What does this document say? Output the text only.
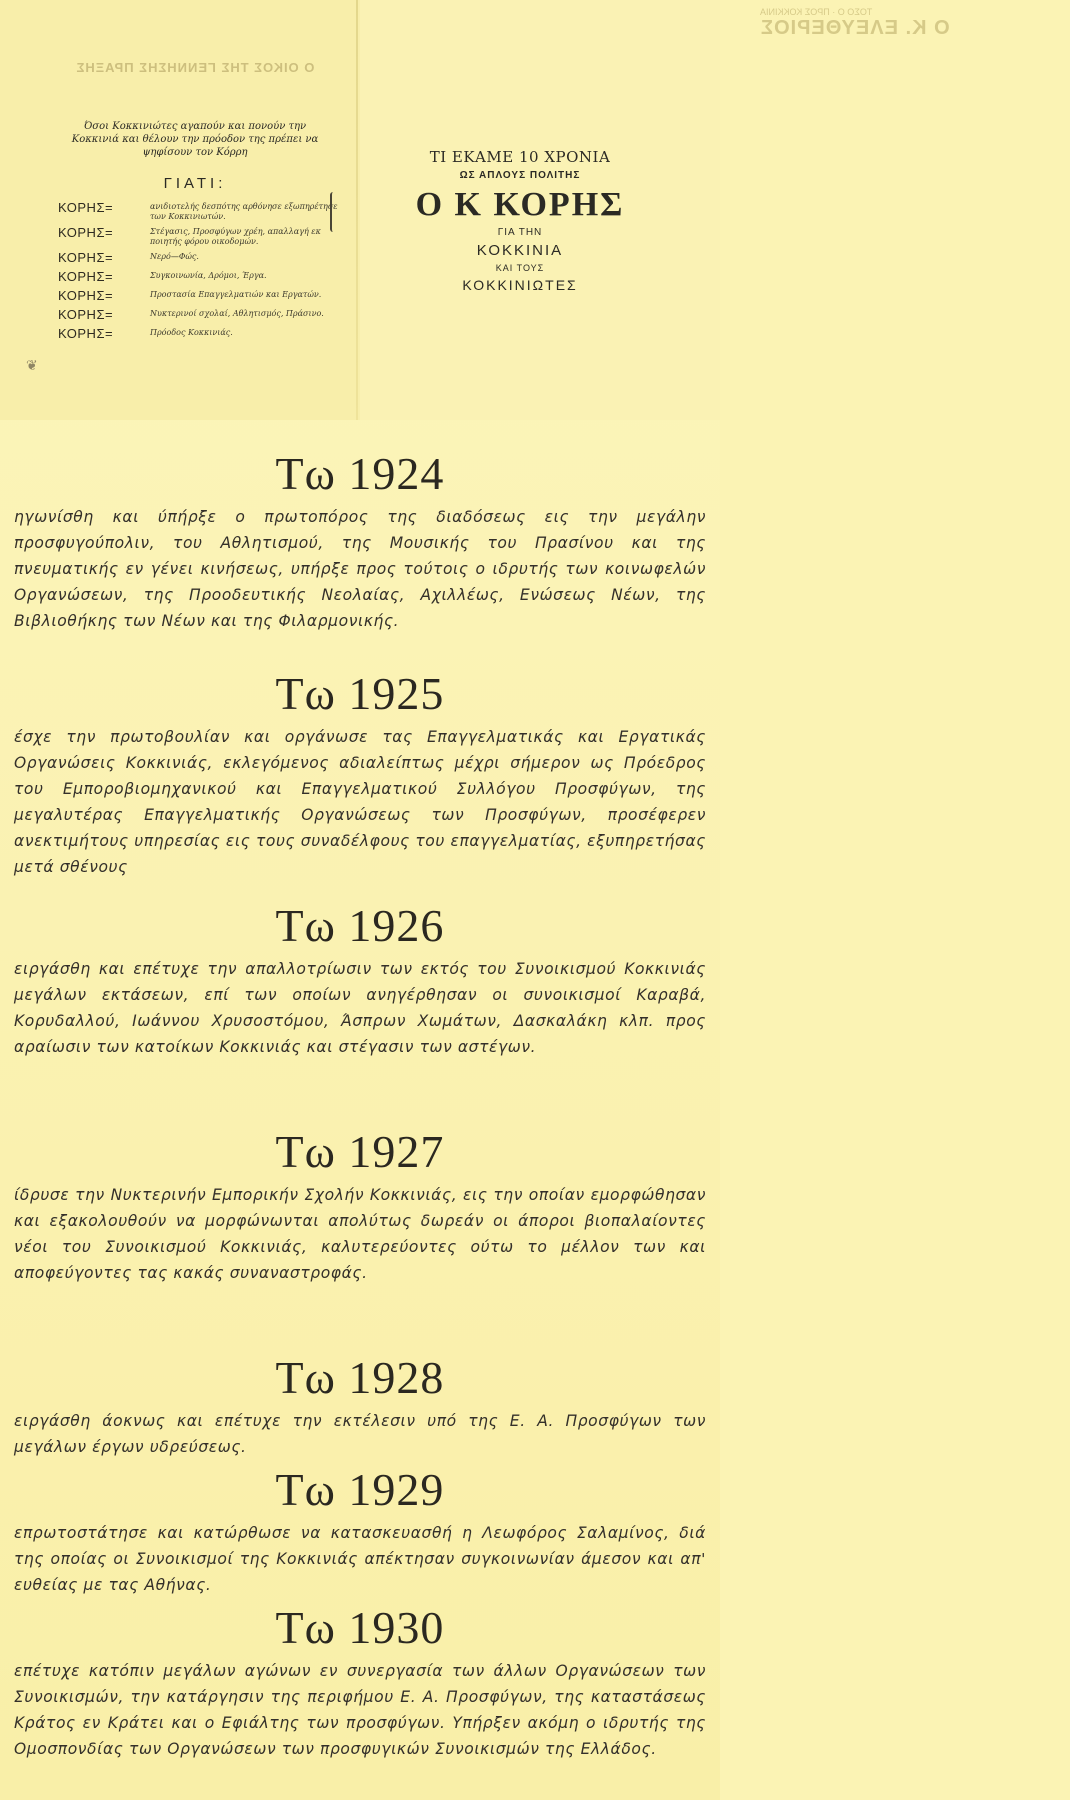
Ο ΟΙΚΟΣ ΤΗΣ ΓΕΝΝΗΣΗΣ ΠΡΑΞΗΣ
Όσοι Κοκκινιώτες αγαπούν και πονούν την Κοκκινιά και θέλουν την πρόοδον της πρέπει να ψηφίσουν τον Κόρρη
ΓΙΑΤΙ:
ΚΟΡΗΣ=	ανιδιοτελής δεσπότης αρθόνησε εξωπηρέτησε των Κοκκινιωτών.
ΚΟΡΗΣ=	Στέγασις, Προσφύγων χρέη, απαλλαγή εκ ποιητής φόρου οικοδομών.
ΚΟΡΗΣ=	Νερό—Φώς.
ΚΟΡΗΣ=	Συγκοινωνία, Δρόμοι, Έργα.
ΚΟΡΗΣ=	Προστασία Επαγγελματιών και Εργατών.
ΚΟΡΗΣ=	Νυκτερινοί σχολαί, Αθλητισμός, Πράσινο.
ΚΟΡΗΣ=	Πρόοδος Κοκκινιάς.
❦
ΤΟΣΟ Ο · ΠΡΟΣ ΚΟΚΚΙΝΙΑ
Ο Κ. ΕΛΕΥΘΕΡΙΟΣ
ΤΙ ΕΚΑΜΕ 10 ΧΡΟΝΙΑ
ΩΣ ΑΠΛΟΥΣ ΠΟΛΙΤΗΣ
Ο Κ ΚΟΡΗΣ
ΓΙΑ ΤΗΝ
ΚΟΚΚΙΝΙΑ
ΚΑΙ ΤΟΥΣ
ΚΟΚΚΙΝΙΩΤΕΣ
Τω 1924
ηγωνίσθη και ύπήρξε ο πρωτοπόρος της διαδόσεως εις την μεγάλην προσφυγούπολιν, του Αθλητισμού, της Μουσικής του Πρασίνου και της πνευματικής εν γένει κινήσεως, υπήρξε προς τούτοις ο ιδρυτής των κοινωφελών Οργανώσεων, της Προοδευτικής Νεολαίας, Αχιλλέως, Ενώσεως Νέων, της Βιβλιοθήκης των Νέων και της Φιλαρμονικής.
Τω 1925
έσχε την πρωτοβουλίαν και οργάνωσε τας Επαγγελματικάς και Εργατικάς Οργανώσεις Κοκκινιάς, εκλεγόμενος αδιαλείπτως μέχρι σήμερον ως Πρόεδρος του Εμποροβιομηχανικού και Επαγγελματικού Συλλόγου Προσφύγων, της μεγαλυτέρας Επαγγελματικής Οργανώσεως των Προσφύγων, προσέφερεν ανεκτιμήτους υπηρεσίας εις τους συναδέλφους του επαγγελματίας, εξυπηρετήσας μετά σθένους
Τω 1926
ειργάσθη και επέτυχε την απαλλοτρίωσιν των εκτός του Συνοικισμού Κοκκινιάς μεγάλων εκτάσεων, επί των οποίων ανηγέρθησαν οι συνοικισμοί Καραβά, Κορυδαλλού, Ιωάννου Χρυσοστόμου, Άσπρων Χωμάτων, Δασκαλάκη κλπ. προς αραίωσιν των κατοίκων Κοκκινιάς και στέγασιν των αστέγων.
Τω 1927
ίδρυσε την Νυκτερινήν Εμπορικήν Σχολήν Κοκκινιάς, εις την οποίαν εμορφώθησαν και εξακολουθούν να μορφώνωνται απολύτως δωρεάν οι άποροι βιοπαλαίοντες νέοι του Συνοικισμού Κοκκινιάς, καλυτερεύοντες ούτω το μέλλον των και αποφεύγοντες τας κακάς συναναστροφάς.
Τω 1928
ειργάσθη άοκνως και επέτυχε την εκτέλεσιν υπό της Ε. Α. Προσφύγων των μεγάλων έργων υδρεύσεως.
Τω 1929
επρωτοστάτησε και κατώρθωσε να κατασκευασθή η Λεωφόρος Σαλαμίνος, διά της οποίας οι Συνοικισμοί της Κοκκινιάς απέκτησαν συγκοινωνίαν άμεσον και απ' ευθείας με τας Αθήνας.
Τω 1930
επέτυχε κατόπιν μεγάλων αγώνων εν συνεργασία των άλλων Οργανώσεων των Συνοικισμών, την κατάργησιν της περιφήμου Ε. Α. Προσφύγων, της καταστάσεως Κράτος εν Κράτει και ο Εφιάλτης των προσφύγων. Υπήρξεν ακόμη ο ιδρυτής της Ομοσπονδίας των Οργανώσεων των προσφυγικών Συνοικισμών της Ελλάδος.
